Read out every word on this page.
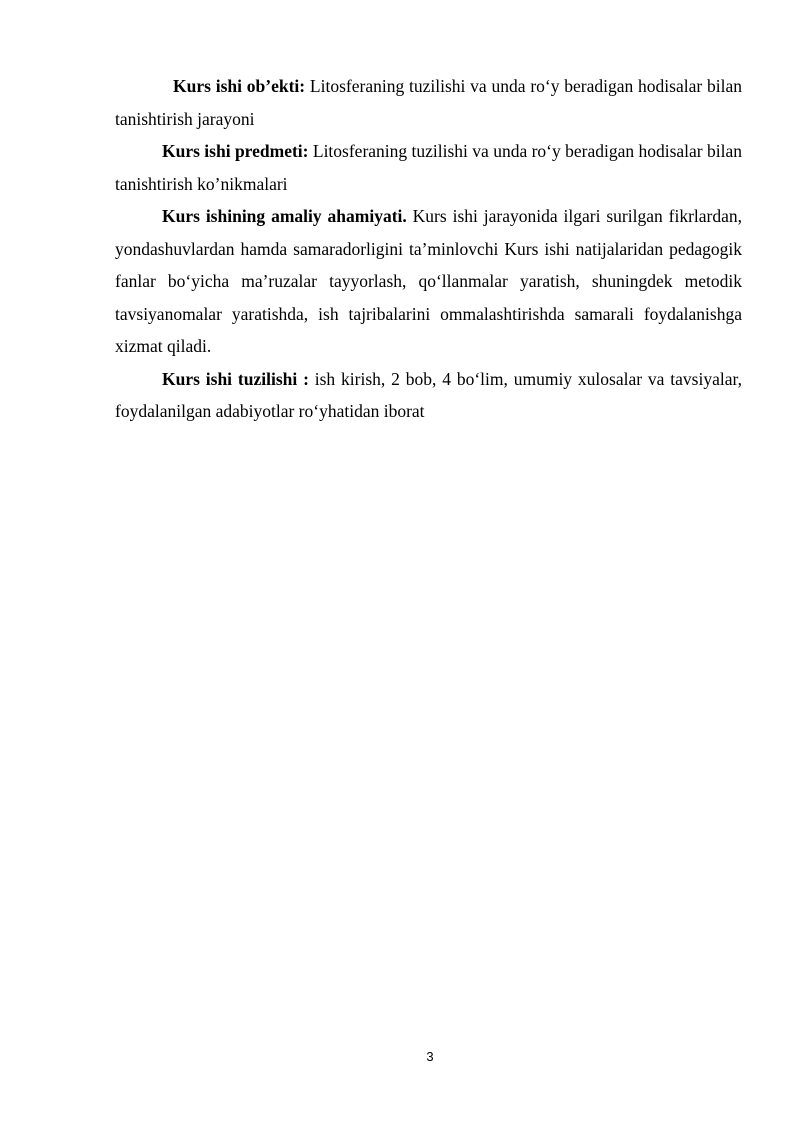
Kurs ishi ob’ekti: Litosferaning tuzilishi va unda ro‘y beradigan hodisalar bilan tanishtirish jarayoni

Kurs ishi predmeti: Litosferaning tuzilishi va unda ro‘y beradigan hodisalar bilan tanishtirish ko’nikmalari

Kurs ishining amaliy ahamiyati. Kurs ishi jarayonida ilgari surilgan fikrlardan, yondashuvlardan hamda samaradorligini ta’minlovchi Kurs ishi natijalaridan pedagogik fanlar bo‘yicha ma’ruzalar tayyorlash, qo‘llanmalar yaratish, shuningdek metodik tavsiyanomalar yaratishda, ish tajribalarini ommalashtirishda samarali foydalanishga xizmat qiladi.

Kurs ishi tuzilishi : ish kirish, 2 bob, 4 bo‘lim, umumiy xulosalar va tavsiyalar, foydalanilgan adabiyotlar ro‘yhatidan iborat

3
